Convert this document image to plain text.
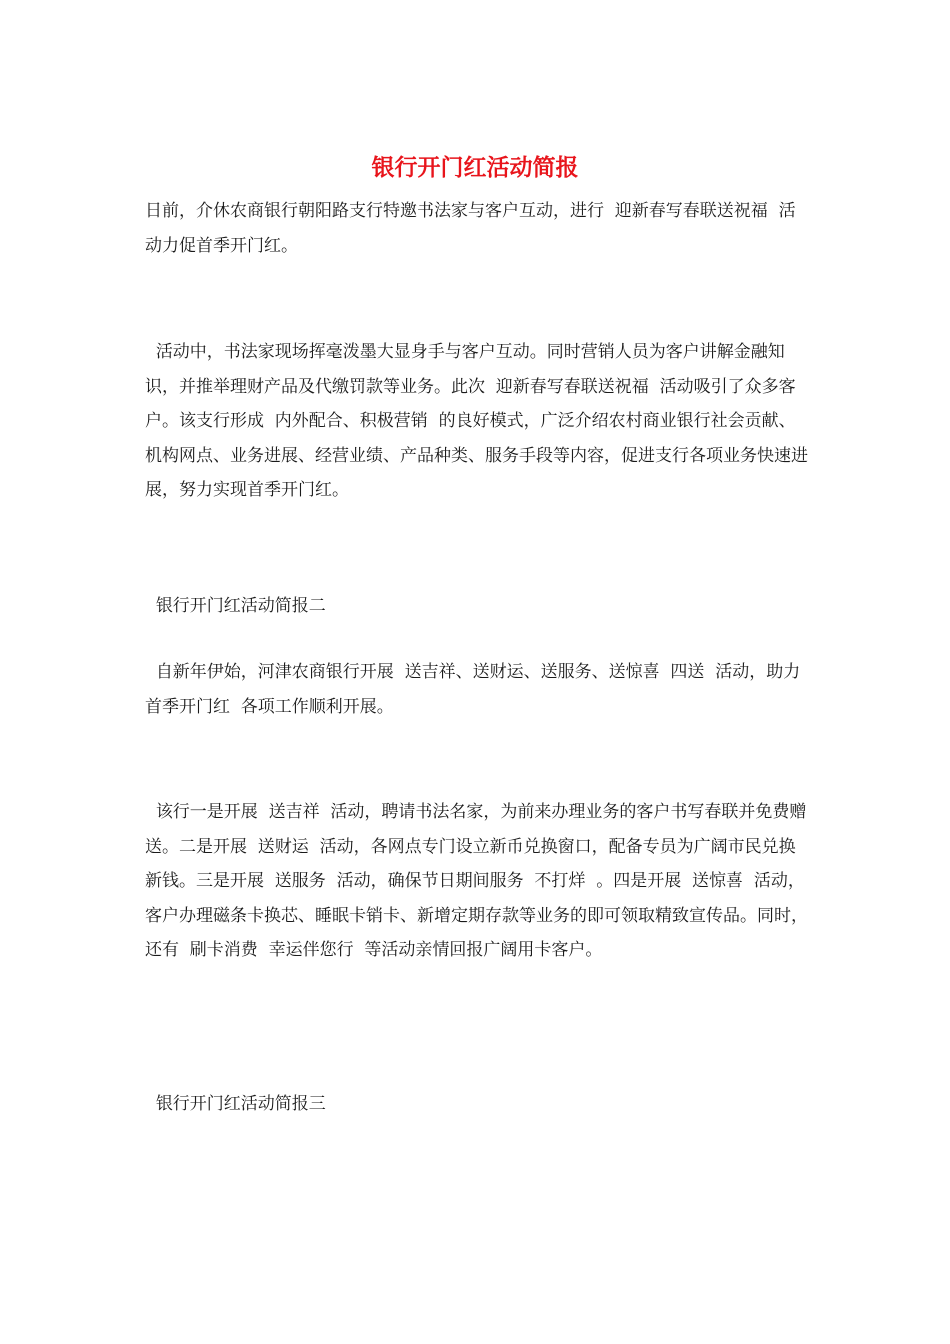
银行开门红活动简报

日前，介休农商银行朝阳路支行特邀书法家与客户互动，进行  迎新春写春联送祝福  活动力促首季开门红。

活动中，书法家现场挥毫泼墨大显身手与客户互动。同时营销人员为客户讲解金融知识，并推举理财产品及代缴罚款等业务。此次  迎新春写春联送祝福  活动吸引了众多客户。该支行形成  内外配合、积极营销  的良好模式，广泛介绍农村商业银行社会贡献、机构网点、业务进展、经营业绩、产品种类、服务手段等内容，促进支行各项业务快速进展，努力实现首季开门红。

银行开门红活动简报二

自新年伊始，河津农商银行开展  送吉祥、送财运、送服务、送惊喜  四送  活动，助力  首季开门红  各项工作顺利开展。

该行一是开展  送吉祥  活动，聘请书法名家，为前来办理业务的客户书写春联并免费赠送。二是开展  送财运  活动，各网点专门设立新币兑换窗口，配备专员为广阔市民兑换新钱。三是开展  送服务  活动，确保节日期间服务  不打烊  。四是开展  送惊喜  活动，客户办理磁条卡换芯、睡眠卡销卡、新增定期存款等业务的即可领取精致宣传品。同时，还有  刷卡消费  幸运伴您行  等活动亲情回报广阔用卡客户。

银行开门红活动简报三
